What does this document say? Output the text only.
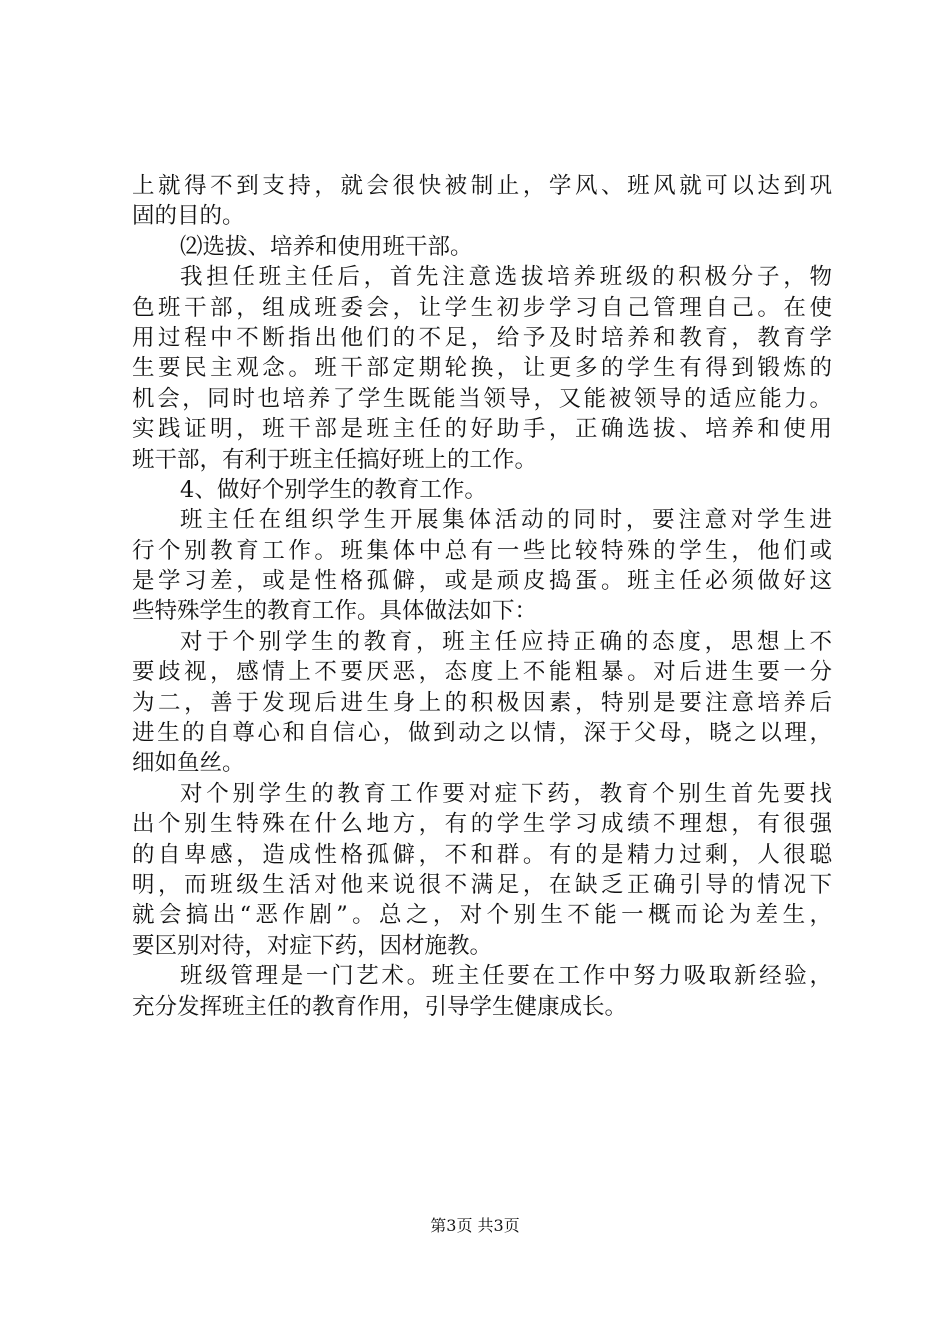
上就得不到支持，就会很快被制止，学风、班风就可以达到巩
固的目的。
⑵选拔、培养和使用班干部。
我担任班主任后，首先注意选拔培养班级的积极分子，物
色班干部，组成班委会，让学生初步学习自己管理自己。在使
用过程中不断指出他们的不足，给予及时培养和教育，教育学
生要民主观念。班干部定期轮换，让更多的学生有得到锻炼的
机会，同时也培养了学生既能当领导，又能被领导的适应能力。
实践证明，班干部是班主任的好助手，正确选拔、培养和使用
班干部，有利于班主任搞好班上的工作。
4、做好个别学生的教育工作。
班主任在组织学生开展集体活动的同时，要注意对学生进
行个别教育工作。班集体中总有一些比较特殊的学生，他们或
是学习差，或是性格孤僻，或是顽皮捣蛋。班主任必须做好这
些特殊学生的教育工作。具体做法如下：
对于个别学生的教育，班主任应持正确的态度，思想上不
要歧视，感情上不要厌恶，态度上不能粗暴。对后进生要一分
为二，善于发现后进生身上的积极因素，特别是要注意培养后
进生的自尊心和自信心，做到动之以情，深于父母，晓之以理，
细如鱼丝。
对个别学生的教育工作要对症下药，教育个别生首先要找
出个别生特殊在什么地方，有的学生学习成绩不理想，有很强
的自卑感，造成性格孤僻，不和群。有的是精力过剩，人很聪
明，而班级生活对他来说很不满足，在缺乏正确引导的情况下
就会搞出“恶作剧”。总之，对个别生不能一概而论为差生，
要区别对待，对症下药，因材施教。
班级管理是一门艺术。班主任要在工作中努力吸取新经验，
充分发挥班主任的教育作用，引导学生健康成长。
第3页 共3页
